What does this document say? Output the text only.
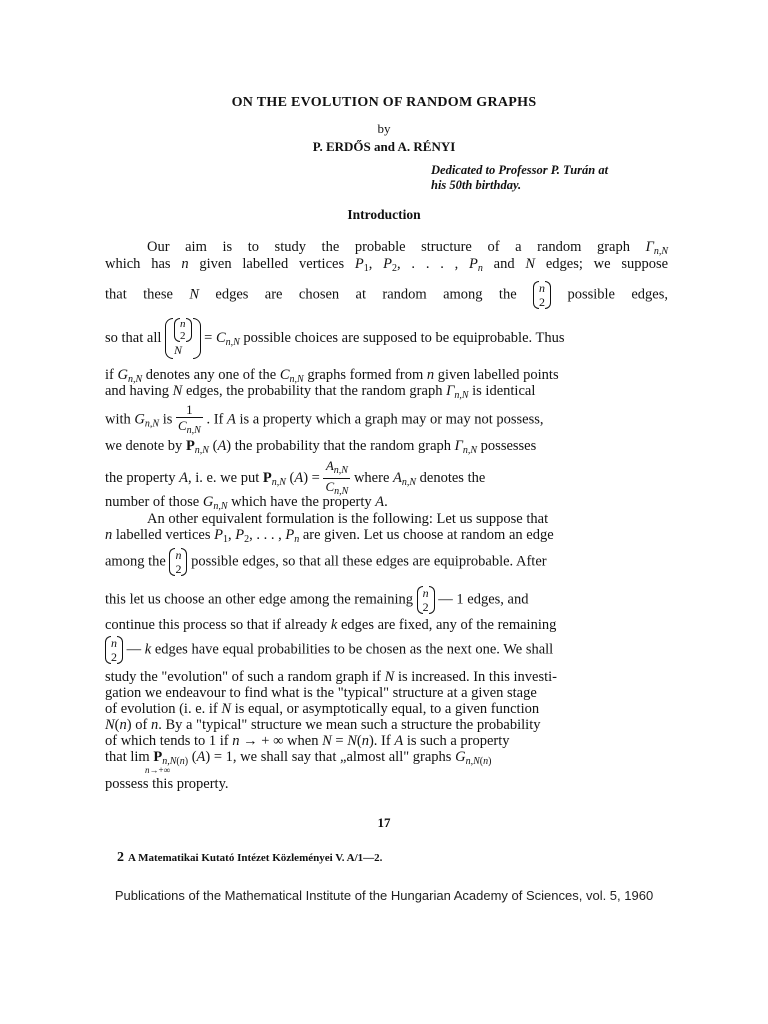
ON THE EVOLUTION OF RANDOM GRAPHS
by
P. ERDŐS and A. RÉNYI
Dedicated to Professor P. Turán at
his 50th birthday.
Introduction
Our aim is to study the probable structure of a random graph $\Gamma_{n,N}$
which has n given labelled vertices $P_1$, $P_2$, . . . , $P_n$ and N edges; we suppose
that these N edges are chosen at random among the n
2 possible edges,
so that all n
2
$N = C_{n,N}$ possible choices are supposed to be equiprobable. Thus
if $G_{n,N}$ denotes any one of the $C_{n,N}$ graphs formed from n given labelled points
and having N edges, the probability that the random graph $\Gamma_{n,N}$ is identical
with $G_{n,N}$ is $\frac{1}{C_{n,N}}$ . If A is a property which a graph may or may not possess,
we denote by $P_{n,N}$ (A) the probability that the random graph $\Gamma_{n,N}$ possesses
the property A, i. e. we put $P_{n,N}$ $(A) = \frac{A_{n,N}}{C_{n,N}}$ where $A_{n,N}$ denotes the
number of those $G_{n,N}$ which have the property A.
An other equivalent formulation is the following: Let us suppose that
n labelled vertices $P_1$, $P_2$, . . . , $P_n$ are given. Let us choose at random an edge
among the n
2 possible edges, so that all these edges are equiprobable. After
this let us choose an other edge among the remaining n
2 — 1 edges, and
continue this process so that if already k edges are fixed, any of the remaining
n
2 — k edges have equal probabilities to be chosen as the next one. We shall
study the "evolution" of such a random graph if N is increased. In this investi-
gation we endeavour to find what is the "typical" structure at a given stage
of evolution (i. e. if N is equal, or asymptotically equal, to a given function
N(n) of n. By a "typical" structure we mean such a structure the probability
of which tends to 1 if n → + ∞ when N = N(n). If A is such a property
that $\lim P_{n,N(n)}$ (A) = 1, we shall say that „almost all" graphs $G_{n,N(n)}$
n→+∞
possess this property.
17
2 A Matematikai Kutató Intézet Közleményei V. A/1—2.
Publications of the Mathematical Institute of the Hungarian Academy of Sciences, vol. 5, 1960
